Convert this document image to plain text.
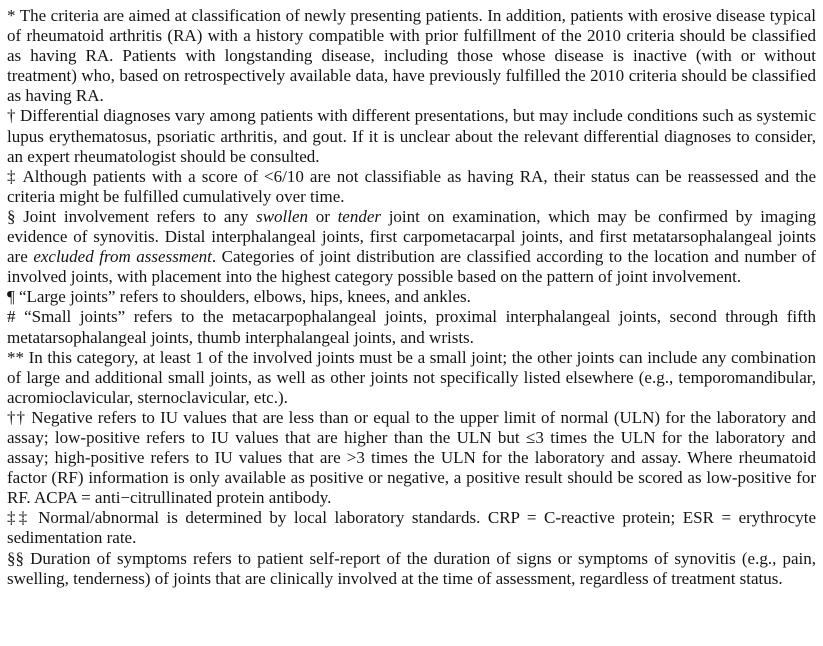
* The criteria are aimed at classification of newly presenting patients. In addition, patients with erosive disease typical of rheumatoid arthritis (RA) with a history compatible with prior fulfillment of the 2010 criteria should be classified as having RA. Patients with longstanding disease, including those whose disease is inactive (with or without treatment) who, based on retrospectively available data, have previously fulfilled the 2010 criteria should be classified as having RA.

† Differential diagnoses vary among patients with different presentations, but may include conditions such as systemic lupus erythematosus, psoriatic arthritis, and gout. If it is unclear about the relevant differential diagnoses to consider, an expert rheumatologist should be consulted.

‡ Although patients with a score of <6/10 are not classifiable as having RA, their status can be reassessed and the criteria might be fulfilled cumulatively over time.

§ Joint involvement refers to any swollen or tender joint on examination, which may be confirmed by imaging evidence of synovitis. Distal interphalangeal joints, first carpometacarpal joints, and first metatarsophalangeal joints are excluded from assessment. Categories of joint distribution are classified according to the location and number of involved joints, with placement into the highest category possible based on the pattern of joint involvement.

¶ “Large joints” refers to shoulders, elbows, hips, knees, and ankles.

# “Small joints” refers to the metacarpophalangeal joints, proximal interphalangeal joints, second through fifth metatarsophalangeal joints, thumb interphalangeal joints, and wrists.

** In this category, at least 1 of the involved joints must be a small joint; the other joints can include any combination of large and additional small joints, as well as other joints not specifically listed elsewhere (e.g., temporomandibular, acromioclavicular, sternoclavicular, etc.).

†† Negative refers to IU values that are less than or equal to the upper limit of normal (ULN) for the laboratory and assay; low-positive refers to IU values that are higher than the ULN but ≤3 times the ULN for the laboratory and assay; high-positive refers to IU values that are >3 times the ULN for the laboratory and assay. Where rheumatoid factor (RF) information is only available as positive or negative, a positive result should be scored as low-positive for RF. ACPA = anti−citrullinated protein antibody.

‡‡ Normal/abnormal is determined by local laboratory standards. CRP = C-reactive protein; ESR = erythrocyte sedimentation rate.

§§ Duration of symptoms refers to patient self-report of the duration of signs or symptoms of synovitis (e.g., pain, swelling, tenderness) of joints that are clinically involved at the time of assessment, regardless of treatment status.
